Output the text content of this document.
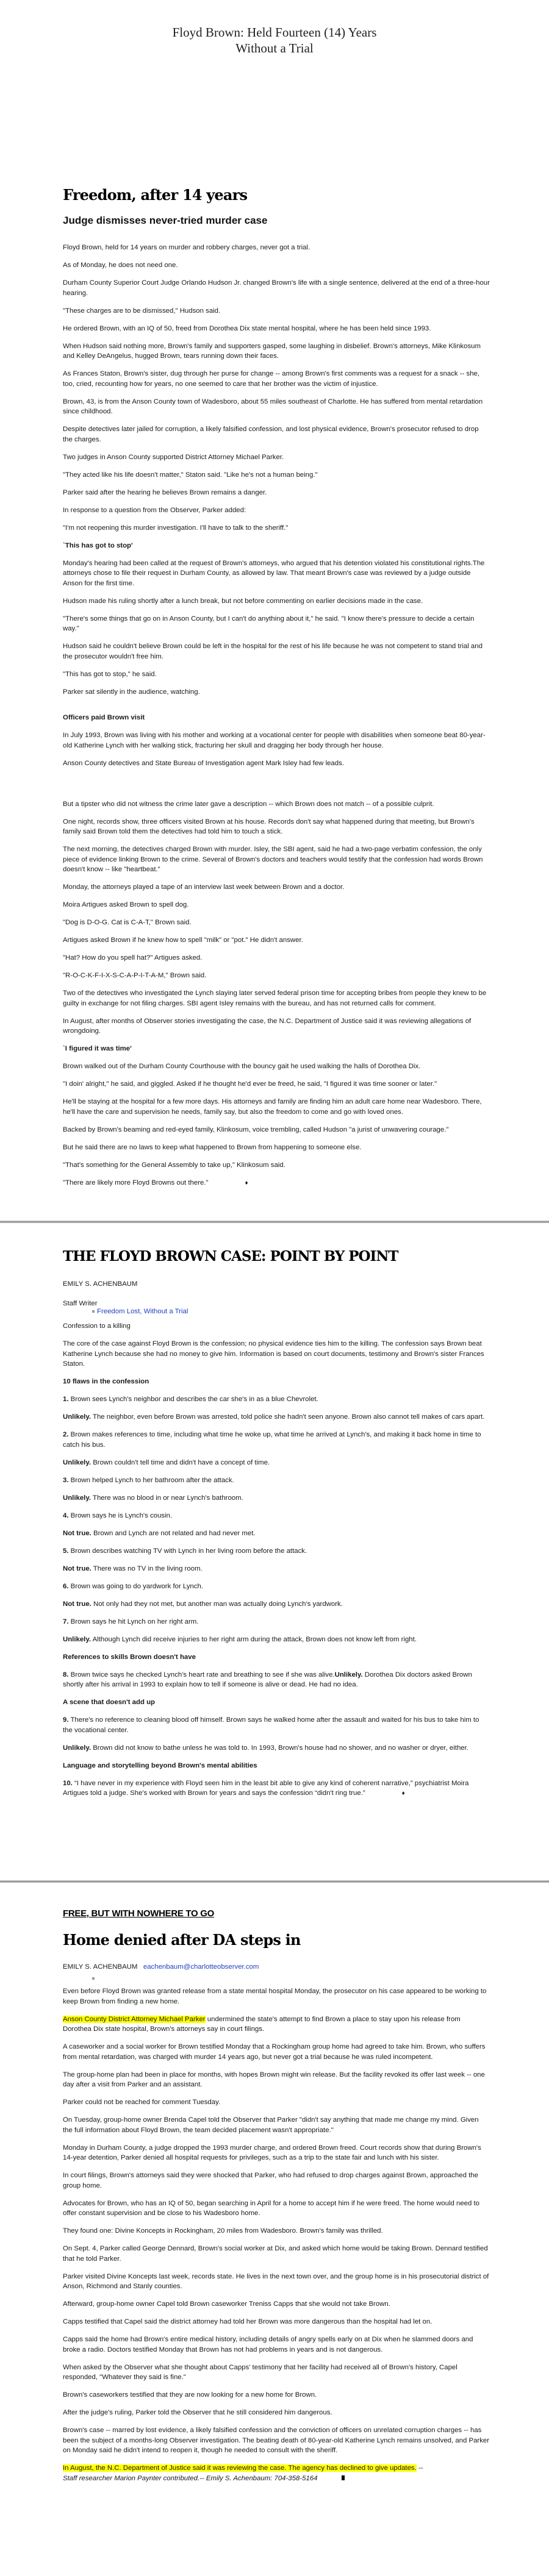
Floyd Brown: Held Fourteen (14) Years
Without a Trial
Freedom, after 14 years
Judge dismisses never-tried murder case

Floyd Brown, held for 14 years on murder and robbery charges, never got a trial.

As of Monday, he does not need one.

Durham County Superior Court Judge Orlando Hudson Jr. changed Brown's life with a single sentence, delivered at the end of a three-hour hearing.

"These charges are to be dismissed," Hudson said.

He ordered Brown, with an IQ of 50, freed from Dorothea Dix state mental hospital, where he has been held since 1993.

When Hudson said nothing more, Brown's family and supporters gasped, some laughing in disbelief. Brown's attorneys, Mike Klinkosum and Kelley DeAngelus, hugged Brown, tears running down their faces.

As Frances Staton, Brown's sister, dug through her purse for change -- among Brown's first comments was a request for a snack -- she, too, cried, recounting how for years, no one seemed to care that her brother was the victim of injustice.

Brown, 43, is from the Anson County town of Wadesboro, about 55 miles southeast of Charlotte. He has suffered from mental retardation since childhood.

Despite detectives later jailed for corruption, a likely falsified confession, and lost physical evidence, Brown's prosecutor refused to drop the charges.

Two judges in Anson County supported District Attorney Michael Parker.

"They acted like his life doesn't matter," Staton said. "Like he's not a human being."

Parker said after the hearing he believes Brown remains a danger.

In response to a question from the Observer, Parker added:

"I'm not reopening this murder investigation. I'll have to talk to the sheriff."

`This has got to stop'

Monday's hearing had been called at the request of Brown's attorneys, who argued that his detention violated his constitutional rights.The attorneys chose to file their request in Durham County, as allowed by law. That meant Brown's case was reviewed by a judge outside Anson for the first time.

Hudson made his ruling shortly after a lunch break, but not before commenting on earlier decisions made in the case.

"There's some things that go on in Anson County, but I can't do anything about it," he said. "I know there's pressure to decide a certain way."

Hudson said he couldn't believe Brown could be left in the hospital for the rest of his life because he was not competent to stand trial and the prosecutor wouldn't free him.

"This has got to stop," he said.

Parker sat silently in the audience, watching.

Officers paid Brown visit

In July 1993, Brown was living with his mother and working at a vocational center for people with disabilities when someone beat 80-year-old Katherine Lynch with her walking stick, fracturing her skull and dragging her body through her house.

Anson County detectives and State Bureau of Investigation agent Mark Isley had few leads.

But a tipster who did not witness the crime later gave a description -- which Brown does not match -- of a possible culprit.

One night, records show, three officers visited Brown at his house. Records don't say what happened during that meeting, but Brown's family said Brown told them the detectives had told him to touch a stick.

The next morning, the detectives charged Brown with murder. Isley, the SBI agent, said he had a two-page verbatim confession, the only piece of evidence linking Brown to the crime. Several of Brown's doctors and teachers would testify that the confession had words Brown doesn't know -- like "heartbeat."

Monday, the attorneys played a tape of an interview last week between Brown and a doctor.

Moira Artigues asked Brown to spell dog.

"Dog is D-O-G. Cat is C-A-T," Brown said.

Artigues asked Brown if he knew how to spell "milk" or "pot." He didn't answer.

"Hat? How do you spell hat?" Artigues asked.

"R-O-C-K-F-I-X-S-C-A-P-I-T-A-M," Brown said.

Two of the detectives who investigated the Lynch slaying later served federal prison time for accepting bribes from people they knew to be guilty in exchange for not filing charges. SBI agent Isley remains with the bureau, and has not returned calls for comment.

In August, after months of Observer stories investigating the case, the N.C. Department of Justice said it was reviewing allegations of wrongdoing.

`I figured it was time'

Brown walked out of the Durham County Courthouse with the bouncy gait he used walking the halls of Dorothea Dix.

"I doin' alright," he said, and giggled. Asked if he thought he'd ever be freed, he said, "I figured it was time sooner or later."

He'll be staying at the hospital for a few more days. His attorneys and family are finding him an adult care home near Wadesboro. There, he'll have the care and supervision he needs, family say, but also the freedom to come and go with loved ones.

Backed by Brown's beaming and red-eyed family, Klinkosum, voice trembling, called Hudson "a jurist of unwavering courage."

But he said there are no laws to keep what happened to Brown from happening to someone else.

"That's something for the General Assembly to take up," Klinkosum said.

"There are likely more Floyd Browns out there."	♦

THE FLOYD BROWN CASE: POINT BY POINT
EMILY S. ACHENBAUM
Staff Writer
Freedom Lost, Without a Trial

Confession to a killing

The core of the case against Floyd Brown is the confession; no physical evidence ties him to the killing. The confession says Brown beat Katherine Lynch because she had no money to give him. Information is based on court documents, testimony and Brown's sister Frances Staton.

10 flaws in the confession

1. Brown sees Lynch's neighbor and describes the car she's in as a blue Chevrolet.

Unlikely. The neighbor, even before Brown was arrested, told police she hadn't seen anyone. Brown also cannot tell makes of cars apart.

2. Brown makes references to time, including what time he woke up, what time he arrived at Lynch's, and making it back home in time to catch his bus.

Unlikely. Brown couldn't tell time and didn't have a concept of time.

3. Brown helped Lynch to her bathroom after the attack.

Unlikely. There was no blood in or near Lynch's bathroom.

4. Brown says he is Lynch's cousin.

Not true. Brown and Lynch are not related and had never met.

5. Brown describes watching TV with Lynch in her living room before the attack.

Not true. There was no TV in the living room.

6. Brown was going to do yardwork for Lynch.

Not true. Not only had they not met, but another man was actually doing Lynch's yardwork.

7. Brown says he hit Lynch on her right arm.

Unlikely. Although Lynch did receive injuries to her right arm during the attack, Brown does not know left from right.

References to skills Brown doesn't have

8. Brown twice says he checked Lynch's heart rate and breathing to see if she was alive.Unlikely. Dorothea Dix doctors asked Brown shortly after his arrival in 1993 to explain how to tell if someone is alive or dead. He had no idea.

A scene that doesn't add up

9. There's no reference to cleaning blood off himself. Brown says he walked home after the assault and waited for his bus to take him to the vocational center.

Unlikely. Brown did not know to bathe unless he was told to. In 1993, Brown's house had no shower, and no washer or dryer, either.

Language and storytelling beyond Brown's mental abilities

10. “I have never in my experience with Floyd seen him in the least bit able to give any kind of coherent narrative,” psychiatrist Moira Artigues told a judge. She's worked with Brown for years and says the confession “didn't ring true.”	♦

FREE, BUT WITH NOWHERE TO GO
Home denied after DA steps in
EMILY S. ACHENBAUM eachenbaum@charlotteobserver.com

Even before Floyd Brown was granted release from a state mental hospital Monday, the prosecutor on his case appeared to be working to keep Brown from finding a new home.

Anson County District Attorney Michael Parker undermined the state's attempt to find Brown a place to stay upon his release from Dorothea Dix state hospital, Brown's attorneys say in court filings.

A caseworker and a social worker for Brown testified Monday that a Rockingham group home had agreed to take him. Brown, who suffers from mental retardation, was charged with murder 14 years ago, but never got a trial because he was ruled incompetent.

The group-home plan had been in place for months, with hopes Brown might win release. But the facility revoked its offer last week -- one day after a visit from Parker and an assistant.

Parker could not be reached for comment Tuesday.

On Tuesday, group-home owner Brenda Capel told the Observer that Parker "didn't say anything that made me change my mind. Given the full information about Floyd Brown, the team decided placement wasn't appropriate."

Monday in Durham County, a judge dropped the 1993 murder charge, and ordered Brown freed. Court records show that during Brown's 14-year detention, Parker denied all hospital requests for privileges, such as a trip to the state fair and lunch with his sister.

In court filings, Brown's attorneys said they were shocked that Parker, who had refused to drop charges against Brown, approached the group home.

Advocates for Brown, who has an IQ of 50, began searching in April for a home to accept him if he were freed. The home would need to offer constant supervision and be close to his Wadesboro home.

They found one: Divine Koncepts in Rockingham, 20 miles from Wadesboro. Brown's family was thrilled.

On Sept. 4, Parker called George Dennard, Brown's social worker at Dix, and asked which home would be taking Brown. Dennard testified that he told Parker.

Parker visited Divine Koncepts last week, records state. He lives in the next town over, and the group home is in his prosecutorial district of Anson, Richmond and Stanly counties.

Afterward, group-home owner Capel told Brown caseworker Treniss Capps that she would not take Brown.

Capps testified that Capel said the district attorney had told her Brown was more dangerous than the hospital had let on.

Capps said the home had Brown's entire medical history, including details of angry spells early on at Dix when he slammed doors and broke a radio. Doctors testified Monday that Brown has not had problems in years and is not dangerous.

When asked by the Observer what she thought about Capps' testimony that her facility had received all of Brown's history, Capel responded, "Whatever they said is fine."

Brown's caseworkers testified that they are now looking for a new home for Brown.

After the judge's ruling, Parker told the Observer that he still considered him dangerous.

Brown's case -- marred by lost evidence, a likely falsified confession and the conviction of officers on unrelated corruption charges -- has been the subject of a months-long Observer investigation. The beating death of 80-year-old Katherine Lynch remains unsolved, and Parker on Monday said he didn't intend to reopen it, though he needed to consult with the sheriff.

In August, the N.C. Department of Justice said it was reviewing the case. The agency has declined to give updates. --
Staff researcher Marion Paynter contributed.-- Emily S. Achenbaum: 704-358-5164
